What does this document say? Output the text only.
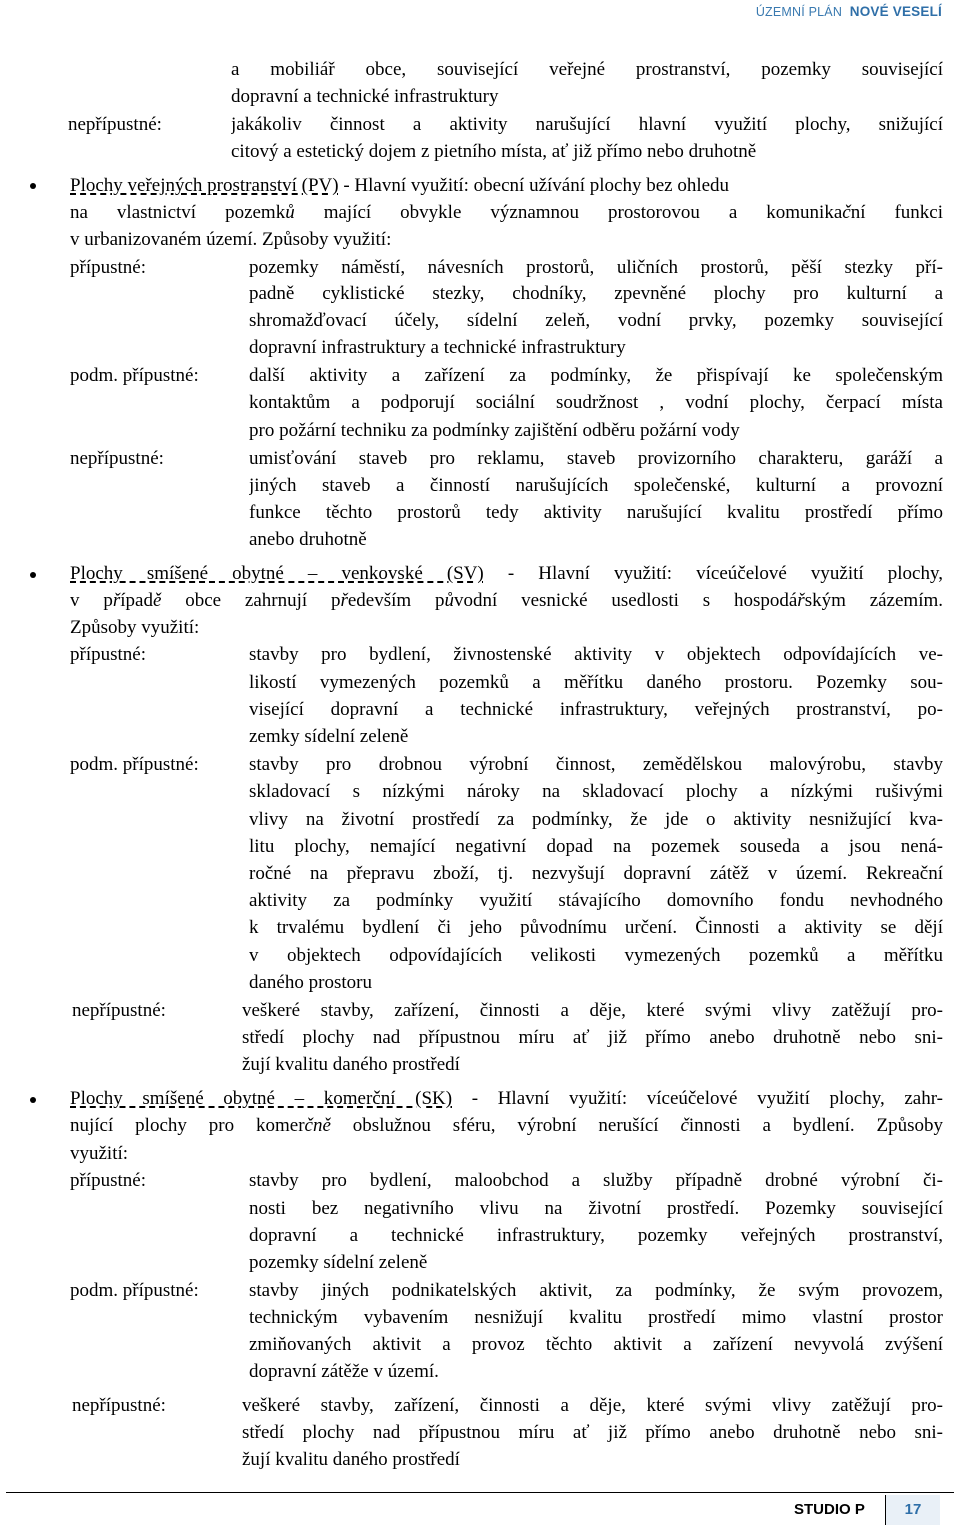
ÚZEMNÍ PLÁN NOVÉ VESELÍ
a mobiliář obce, související veřejné prostranství, pozemky související
dopravní a technické infrastruktury
nepřípustné:	jakákoliv činnost a aktivity narušující hlavní využití plochy, snižující
citový a estetický dojem z pietního místa, ať již přímo nebo druhotně
Plochy veřejných prostranství (PV) - Hlavní využití: obecní užívání plochy bez ohledu
na vlastnictví pozemků mající obvykle významnou prostorovou a komunikační funkci
v urbanizovaném území. Způsoby využití:
přípustné:	pozemky náměstí, návesních prostorů, uličních prostorů, pěší stezky pří-
padně cyklistické stezky, chodníky, zpevněné plochy pro kulturní a
shromažďovací účely, sídelní zeleň, vodní prvky, pozemky související
dopravní infrastruktury a technické infrastruktury
podm. přípustné:	další aktivity a zařízení za podmínky, že přispívají ke společenským
kontaktům a podporují sociální soudržnost , vodní plochy, čerpací místa
pro požární techniku za podmínky zajištění odběru požární vody
nepřípustné:	umisťování staveb pro reklamu, staveb provizorního charakteru, garáží a
jiných staveb a činností narušujících společenské, kulturní a provozní
funkce těchto prostorů tedy aktivity narušující kvalitu prostředí přímo
anebo druhotně
Plochy smíšené obytné – venkovské (SV) - Hlavní využití: víceúčelové využití plochy,
v případě obce zahrnují především původní vesnické usedlosti s hospodářským zázemím.
Způsoby využití:
přípustné:	stavby pro bydlení, živnostenské aktivity v objektech odpovídajících ve-
likostí vymezených pozemků a měřítku daného prostoru. Pozemky sou-
visející dopravní a technické infrastruktury, veřejných prostranství, po-
zemky sídelní zeleně
podm. přípustné:	stavby pro drobnou výrobní činnost, zemědělskou malovýrobu, stavby
skladovací s nízkými nároky na skladovací plochy a nízkými rušivými
vlivy na životní prostředí za podmínky, že jde o aktivity nesnižující kva-
litu plochy, nemající negativní dopad na pozemek souseda a jsou nená-
ročné na přepravu zboží, tj. nezvyšují dopravní zátěž v území. Rekreační
aktivity za podmínky využití stávajícího domovního fondu nevhodného
k trvalému bydlení či jeho původnímu určení. Činnosti a aktivity se dějí
v objektech odpovídajících velikosti vymezených pozemků a měřítku
daného prostoru
nepřípustné:	veškeré stavby, zařízení, činnosti a děje, které svými vlivy zatěžují pro-
středí plochy nad přípustnou míru ať již přímo anebo druhotně nebo sni-
žují kvalitu daného prostředí
Plochy smíšené obytné – komerční (SK) - Hlavní využití: víceúčelové využití plochy, zahr-
nující plochy pro komerčně obslužnou sféru, výrobní nerušící činnosti a bydlení. Způsoby
využití:
přípustné:	stavby pro bydlení, maloobchod a služby případně drobné výrobní či-
nosti bez negativního vlivu na životní prostředí. Pozemky související
dopravní a technické infrastruktury, pozemky veřejných prostranství,
pozemky sídelní zeleně
podm. přípustné:	stavby jiných podnikatelských aktivit, za podmínky, že svým provozem,
technickým vybavením nesnižují kvalitu prostředí mimo vlastní prostor
zmiňovaných aktivit a provoz těchto aktivit a zařízení nevyvolá zvýšení
dopravní zátěže v území.
nepřípustné:	veškeré stavby, zařízení, činnosti a děje, které svými vlivy zatěžují pro-
středí plochy nad přípustnou míru ať již přímo anebo druhotně nebo sni-
žují kvalitu daného prostředí
STUDIO P	17
